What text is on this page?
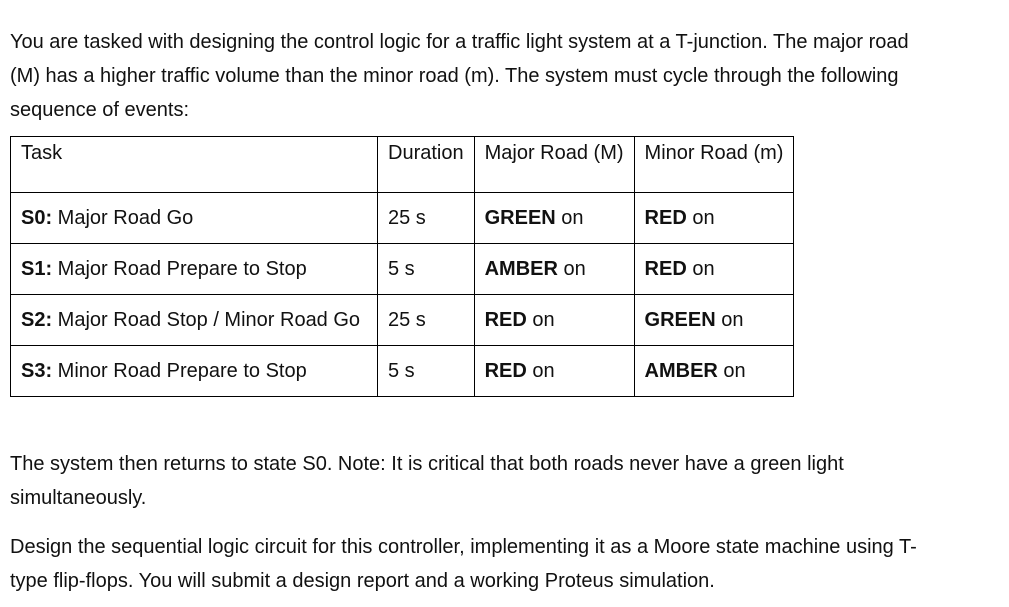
You are tasked with designing the control logic for a traffic light system at a T-junction. The major road (M) has a higher traffic volume than the minor road (m). The system must cycle through the following sequence of events:

Task	Duration	Major Road (M)	Minor Road (m)
S0: Major Road Go	25 s	GREEN on	RED on
S1: Major Road Prepare to Stop	5 s	AMBER on	RED on
S2: Major Road Stop / Minor Road Go	25 s	RED on	GREEN on
S3: Minor Road Prepare to Stop	5 s	RED on	AMBER on

The system then returns to state S0. Note: It is critical that both roads never have a green light simultaneously.

Design the sequential logic circuit for this controller, implementing it as a Moore state machine using T-type flip-flops. You will submit a design report and a working Proteus simulation.
